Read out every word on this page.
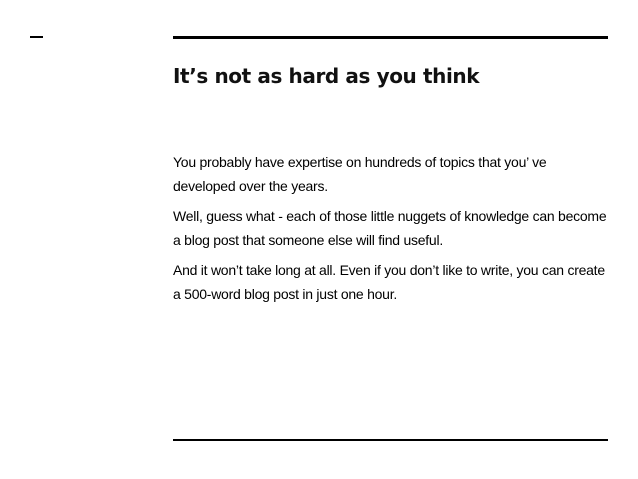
It’s not as hard as you think

You probably have expertise on hundreds of topics that you’ ve developed over the years.

Well, guess what - each of those little nuggets of knowledge can become a blog post that someone else will find useful.

And it won’t take long at all. Even if you don’t like to write, you can create a 500-word blog post in just one hour.
